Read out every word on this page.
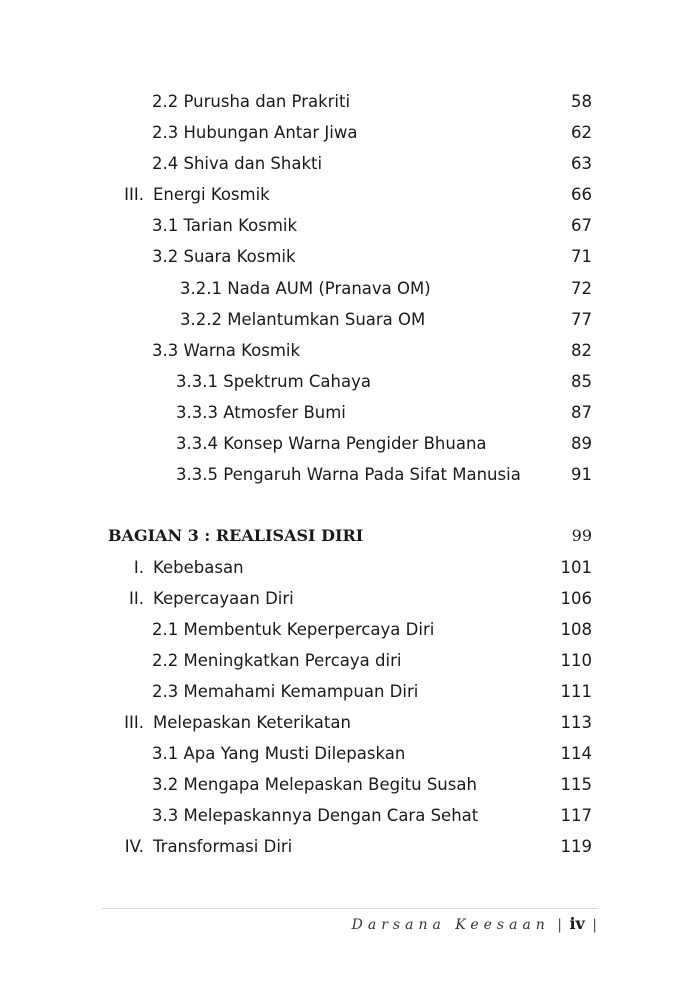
2.2 Purusha dan Prakriti	58
2.3 Hubungan Antar Jiwa	62
2.4 Shiva dan Shakti	63
III. Energi Kosmik	66
3.1 Tarian Kosmik	67
3.2 Suara Kosmik	71
3.2.1 Nada AUM (Pranava OM)	72
3.2.2 Melantumkan Suara OM	77
3.3 Warna Kosmik	82
3.3.1 Spektrum Cahaya	85
3.3.3 Atmosfer Bumi	87
3.3.4 Konsep Warna Pengider Bhuana	89
3.3.5 Pengaruh Warna Pada Sifat Manusia	91
BAGIAN 3 : REALISASI DIRI	99
I. Kebebasan	101
II. Kepercayaan Diri	106
2.1 Membentuk Keperpercaya Diri	108
2.2 Meningkatkan Percaya diri	110
2.3 Memahami Kemampuan Diri	111
III. Melepaskan Keterikatan	113
3.1 Apa Yang Musti Dilepaskan	114
3.2 Mengapa Melepaskan Begitu Susah	115
3.3 Melepaskannya Dengan Cara Sehat	117
IV. Transformasi Diri	119
Darsana Keesaan | iv |
